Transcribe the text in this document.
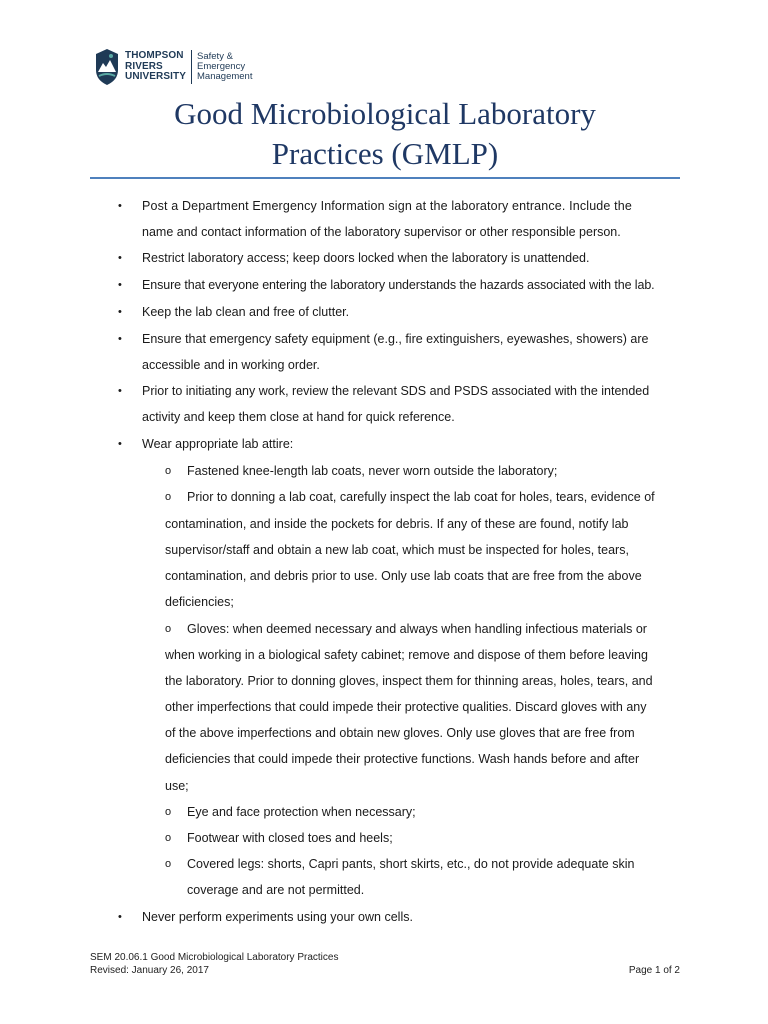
THOMPSON
RIVERS
UNIVERSITY
Safety &
Emergency
Management
Good Microbiological Laboratory
Practices (GMLP)
• Post a Department Emergency Information sign at the laboratory entrance. Include the
name and contact information of the laboratory supervisor or other responsible person.
• Restrict laboratory access; keep doors locked when the laboratory is unattended.
• Ensure that everyone entering the laboratory understands the hazards associated with the lab.
• Keep the lab clean and free of clutter.
• Ensure that emergency safety equipment (e.g., fire extinguishers, eyewashes, showers) are
accessible and in working order.
• Prior to initiating any work, review the relevant SDS and PSDS associated with the intended
activity and keep them close at hand for quick reference.
• Wear appropriate lab attire:
o Fastened knee-length lab coats, never worn outside the laboratory;
o Prior to donning a lab coat, carefully inspect the lab coat for holes, tears, evidence of
contamination, and inside the pockets for debris. If any of these are found, notify lab
supervisor/staff and obtain a new lab coat, which must be inspected for holes, tears,
contamination, and debris prior to use. Only use lab coats that are free from the above
deficiencies;
o Gloves: when deemed necessary and always when handling infectious materials or
when working in a biological safety cabinet; remove and dispose of them before leaving
the laboratory. Prior to donning gloves, inspect them for thinning areas, holes, tears, and
other imperfections that could impede their protective qualities. Discard gloves with any
of the above imperfections and obtain new gloves. Only use gloves that are free from
deficiencies that could impede their protective functions. Wash hands before and after
use;
o Eye and face protection when necessary;
o Footwear with closed toes and heels;
o Covered legs: shorts, Capri pants, short skirts, etc., do not provide adequate skin
coverage and are not permitted.
• Never perform experiments using your own cells.
SEM 20.06.1 Good Microbiological Laboratory Practices
Revised: January 26, 2017	Page 1 of 2
